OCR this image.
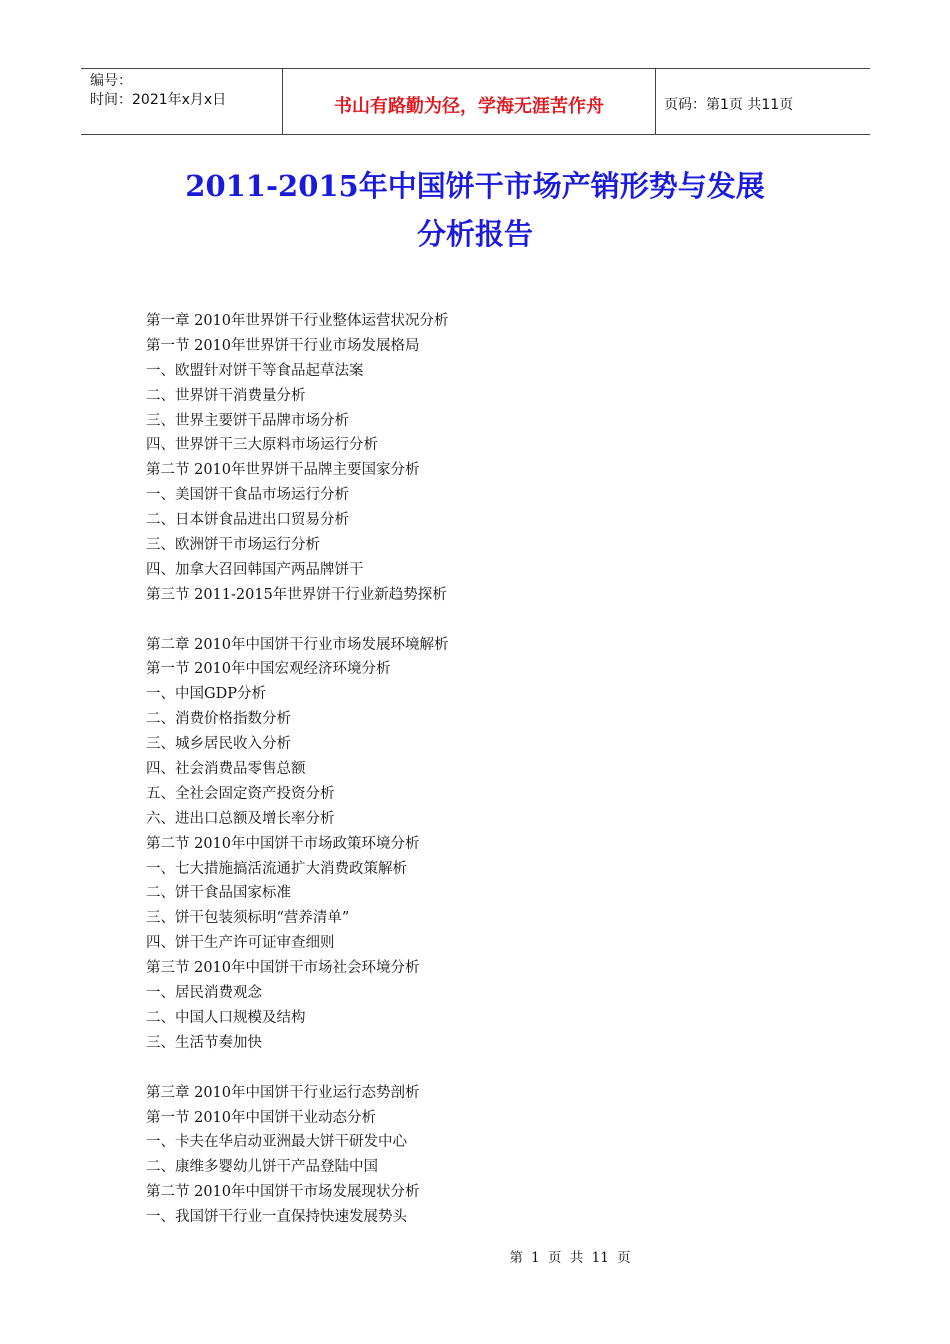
编号：
时间：2021年x月x日	书山有路勤为径，学海无涯苦作舟	页码：第1页 共11页
2011-2015年中国饼干市场产销形势与发展
分析报告
第一章 2010年世界饼干行业整体运营状况分析
第一节 2010年世界饼干行业市场发展格局
一、欧盟针对饼干等食品起草法案
二、世界饼干消费量分析
三、世界主要饼干品牌市场分析
四、世界饼干三大原料市场运行分析
第二节 2010年世界饼干品牌主要国家分析
一、美国饼干食品市场运行分析
二、日本饼食品进出口贸易分析
三、欧洲饼干市场运行分析
四、加拿大召回韩国产两品牌饼干
第三节 2011-2015年世界饼干行业新趋势探析
第二章 2010年中国饼干行业市场发展环境解析
第一节 2010年中国宏观经济环境分析
一、中国GDP分析
二、消费价格指数分析
三、城乡居民收入分析
四、社会消费品零售总额
五、全社会固定资产投资分析
六、进出口总额及增长率分析
第二节 2010年中国饼干市场政策环境分析
一、七大措施搞活流通扩大消费政策解析
二、饼干食品国家标准
三、饼干包装须标明“营养清单”
四、饼干生产许可证审查细则
第三节 2010年中国饼干市场社会环境分析
一、居民消费观念
二、中国人口规模及结构
三、生活节奏加快
第三章 2010年中国饼干行业运行态势剖析
第一节 2010年中国饼干业动态分析
一、卡夫在华启动亚洲最大饼干研发中心
二、康维多婴幼儿饼干产品登陆中国
第二节 2010年中国饼干市场发展现状分析
一、我国饼干行业一直保持快速发展势头
第 1 页 共 11 页
